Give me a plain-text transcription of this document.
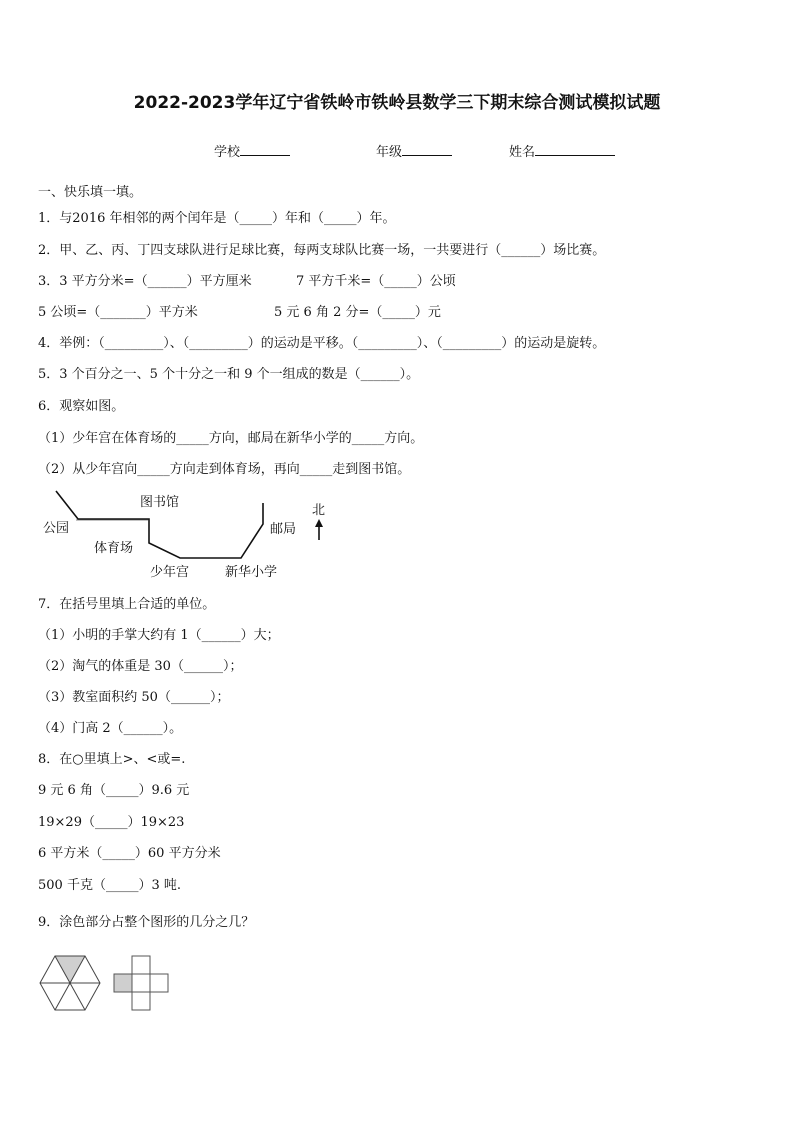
2022-2023学年辽宁省铁岭市铁岭县数学三下期末综合测试模拟试题
学校	年级	姓名
一、快乐填一填。
1．与2016 年相邻的两个闰年是（_____）年和（_____）年。
2．甲、乙、丙、丁四支球队进行足球比赛，每两支球队比赛一场，一共要进行（______）场比赛。
3．3 平方分米=（______）平方厘米	7 平方千米=（_____）公顷
5 公顷=（_______）平方米	5 元 6 角 2 分=（_____）元
4．举例：（_________）、（_________）的运动是平移。（_________）、（_________）的运动是旋转。
5．3 个百分之一、5 个十分之一和 9 个一组成的数是（______）。
6．观察如图。
（1）少年宫在体育场的_____方向，邮局在新华小学的_____方向。
（2）从少年宫向_____方向走到体育场，再向_____走到图书馆。
图书馆
公园
体育场
少年宫	新华小学
邮局
北
7．在括号里填上合适的单位。
（1）小明的手掌大约有 1（______）大；
（2）淘气的体重是 30（______）；
（3）教室面积约 50（______）；
（4）门高 2（______）。
8．在○里填上>、<或=.
9 元 6 角（_____）9.6 元
19×29（_____）19×23
6 平方米（_____）60 平方分米
500 千克（_____）3 吨.
9．涂色部分占整个图形的几分之几？
